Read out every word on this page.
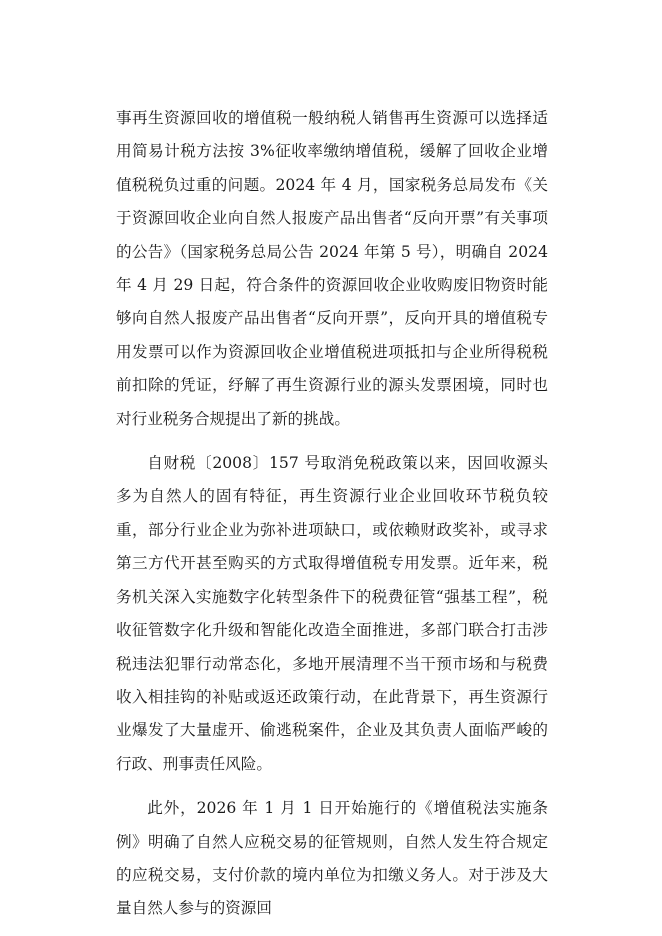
事再生资源回收的增值税一般纳税人销售再生资源可以选择适用简易计税方法按 3%征收率缴纳增值税，缓解了回收企业增值税税负过重的问题。2024 年 4 月，国家税务总局发布《关于资源回收企业向自然人报废产品出售者“反向开票”有关事项的公告》（国家税务总局公告 2024 年第 5 号），明确自 2024 年 4 月 29 日起，符合条件的资源回收企业收购废旧物资时能够向自然人报废产品出售者“反向开票”，反向开具的增值税专用发票可以作为资源回收企业增值税进项抵扣与企业所得税税前扣除的凭证，纾解了再生资源行业的源头发票困境，同时也对行业税务合规提出了新的挑战。

自财税〔2008〕157 号取消免税政策以来，因回收源头多为自然人的固有特征，再生资源行业企业回收环节税负较重，部分行业企业为弥补进项缺口，或依赖财政奖补，或寻求第三方代开甚至购买的方式取得增值税专用发票。近年来，税务机关深入实施数字化转型条件下的税费征管“强基工程”，税收征管数字化升级和智能化改造全面推进，多部门联合打击涉税违法犯罪行动常态化，多地开展清理不当干预市场和与税费收入相挂钩的补贴或返还政策行动，在此背景下，再生资源行业爆发了大量虚开、偷逃税案件，企业及其负责人面临严峻的行政、刑事责任风险。

此外，2026 年 1 月 1 日开始施行的《增值税法实施条例》明确了自然人应税交易的征管规则，自然人发生符合规定的应税交易，支付价款的境内单位为扣缴义务人。对于涉及大量自然人参与的资源回
